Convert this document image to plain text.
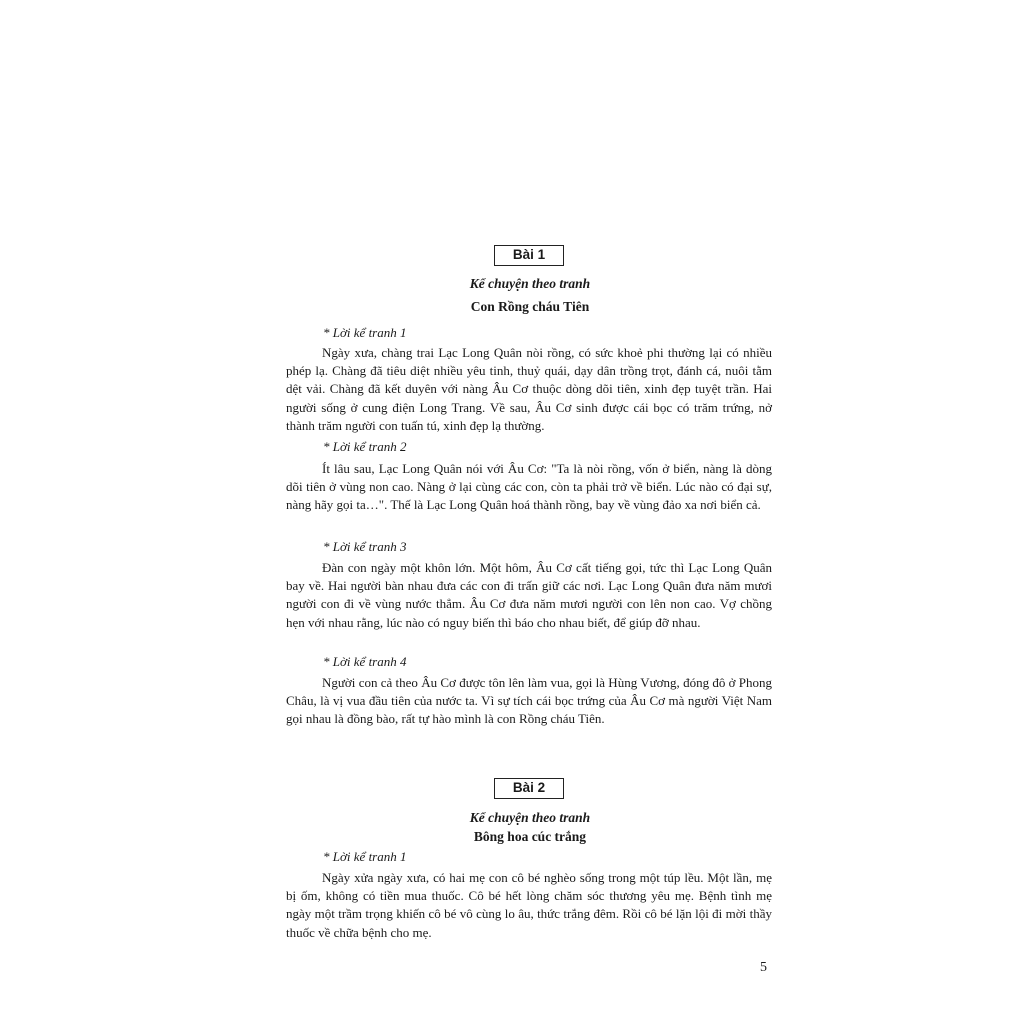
Bài 1
Kể chuyện theo tranh
Con Rồng cháu Tiên
* Lời kể tranh 1

Ngày xưa, chàng trai Lạc Long Quân nòi rồng, có sức khoẻ phi thường lại có nhiều phép lạ. Chàng đã tiêu diệt nhiều yêu tinh, thuỷ quái, dạy dân trồng trọt, đánh cá, nuôi tằm dệt vải. Chàng đã kết duyên với nàng Âu Cơ thuộc dòng dõi tiên, xinh đẹp tuyệt trần. Hai người sống ở cung điện Long Trang. Về sau, Âu Cơ sinh được cái bọc có trăm trứng, nở thành trăm người con tuấn tú, xinh đẹp lạ thường.

* Lời kể tranh 2

Ít lâu sau, Lạc Long Quân nói với Âu Cơ: "Ta là nòi rồng, vốn ở biển, nàng là dòng dõi tiên ở vùng non cao. Nàng ở lại cùng các con, còn ta phải trở về biển. Lúc nào có đại sự, nàng hãy gọi ta…". Thế là Lạc Long Quân hoá thành rồng, bay về vùng đảo xa nơi biển cả.

* Lời kể tranh 3

Đàn con ngày một khôn lớn. Một hôm, Âu Cơ cất tiếng gọi, tức thì Lạc Long Quân bay về. Hai người bàn nhau đưa các con đi trấn giữ các nơi. Lạc Long Quân đưa năm mươi người con đi về vùng nước thẳm. Âu Cơ đưa năm mươi người con lên non cao. Vợ chồng hẹn với nhau rằng, lúc nào có nguy biến thì báo cho nhau biết, để giúp đỡ nhau.

* Lời kể tranh 4

Người con cả theo Âu Cơ được tôn lên làm vua, gọi là Hùng Vương, đóng đô ở Phong Châu, là vị vua đầu tiên của nước ta. Vì sự tích cái bọc trứng của Âu Cơ mà người Việt Nam gọi nhau là đồng bào, rất tự hào mình là con Rồng cháu Tiên.

Bài 2
Kể chuyện theo tranh
Bông hoa cúc trắng
* Lời kể tranh 1

Ngày xửa ngày xưa, có hai mẹ con cô bé nghèo sống trong một túp lều. Một lần, mẹ bị ốm, không có tiền mua thuốc. Cô bé hết lòng chăm sóc thương yêu mẹ. Bệnh tình mẹ ngày một trầm trọng khiến cô bé vô cùng lo âu, thức trắng đêm. Rồi cô bé lặn lội đi mời thầy thuốc về chữa bệnh cho mẹ.

5
